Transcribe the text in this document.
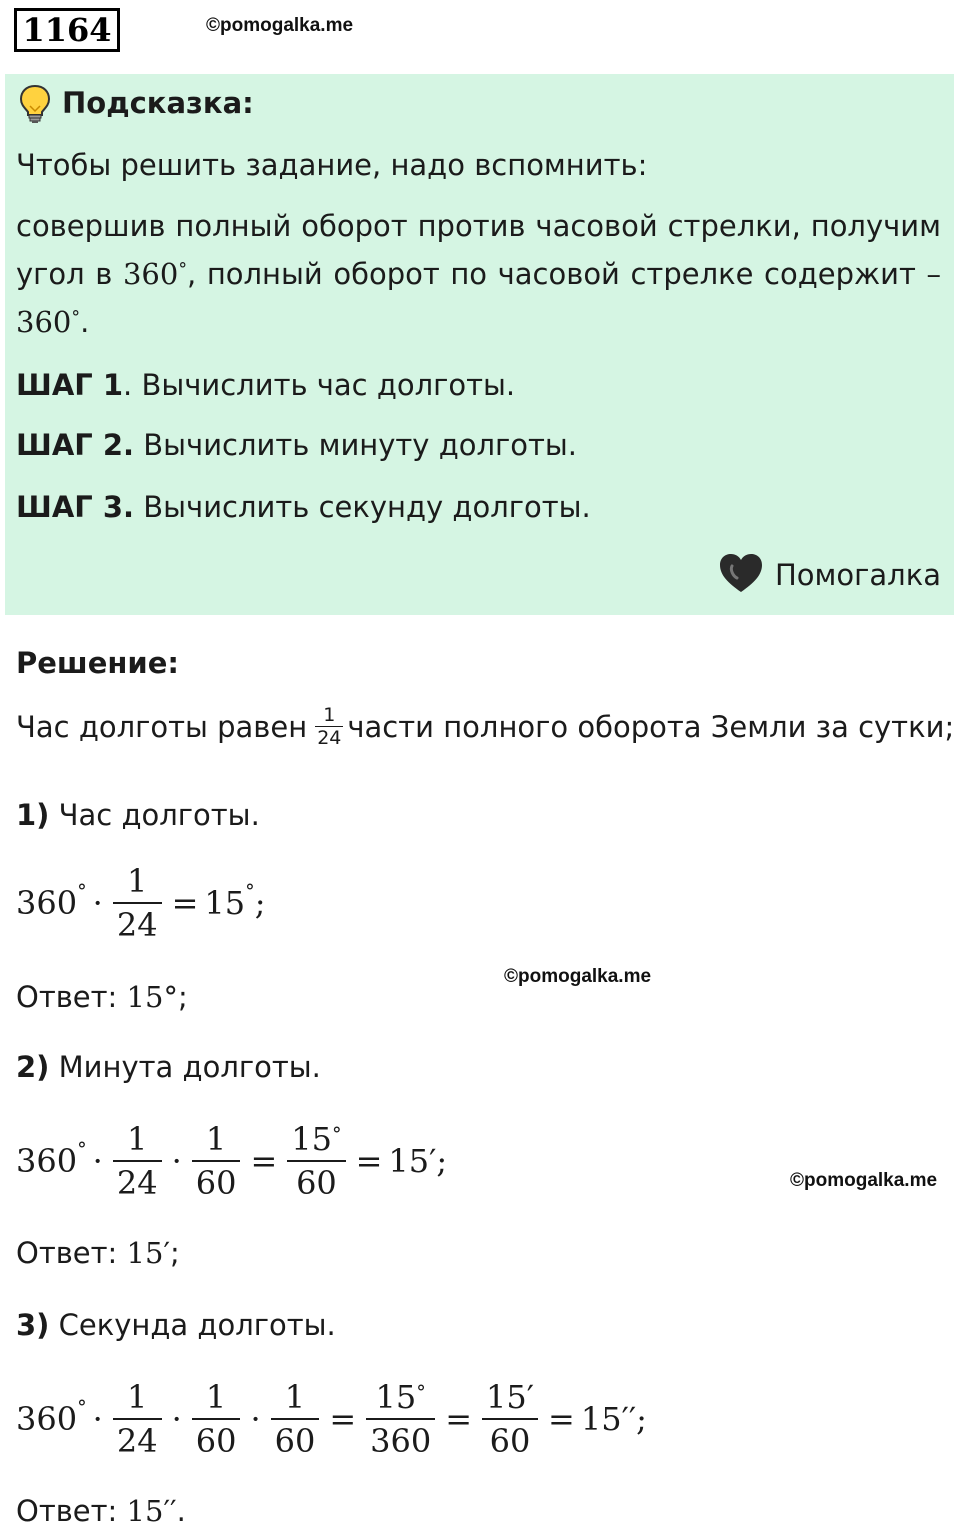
1164	©pomogalka.me
Подсказка:
Чтобы решить задание, надо вспомнить:
совершив полный оборот против часовой стрелки, получим угол в 360°, полный оборот по часовой стрелке содержит – 360°.
ШАГ 1. Вычислить час долготы.
ШАГ 2. Вычислить минуту долготы.
ШАГ 3. Вычислить секунду долготы.
Помогалка
Решение:
Час долготы равен $\frac{1}{24}$ части полного оборота Земли за сутки;
1) Час долготы.
$360^\circ \cdot \frac{1}{24} = 15^\circ$ ;
©pomogalka.me
Ответ: 15°;
2) Минута долготы.
$360^\circ \cdot \frac{1}{24} \cdot \frac{1}{60} = \frac{15^\circ}{60} = 15'$ ;
©pomogalka.me
Ответ: 15′;
3) Секунда долготы.
$360^\circ \cdot \frac{1}{24} \cdot \frac{1}{60} \cdot \frac{1}{60} = \frac{15^\circ}{360} = \frac{15'}{60} = 15''$ ;
Ответ: 15′′.
